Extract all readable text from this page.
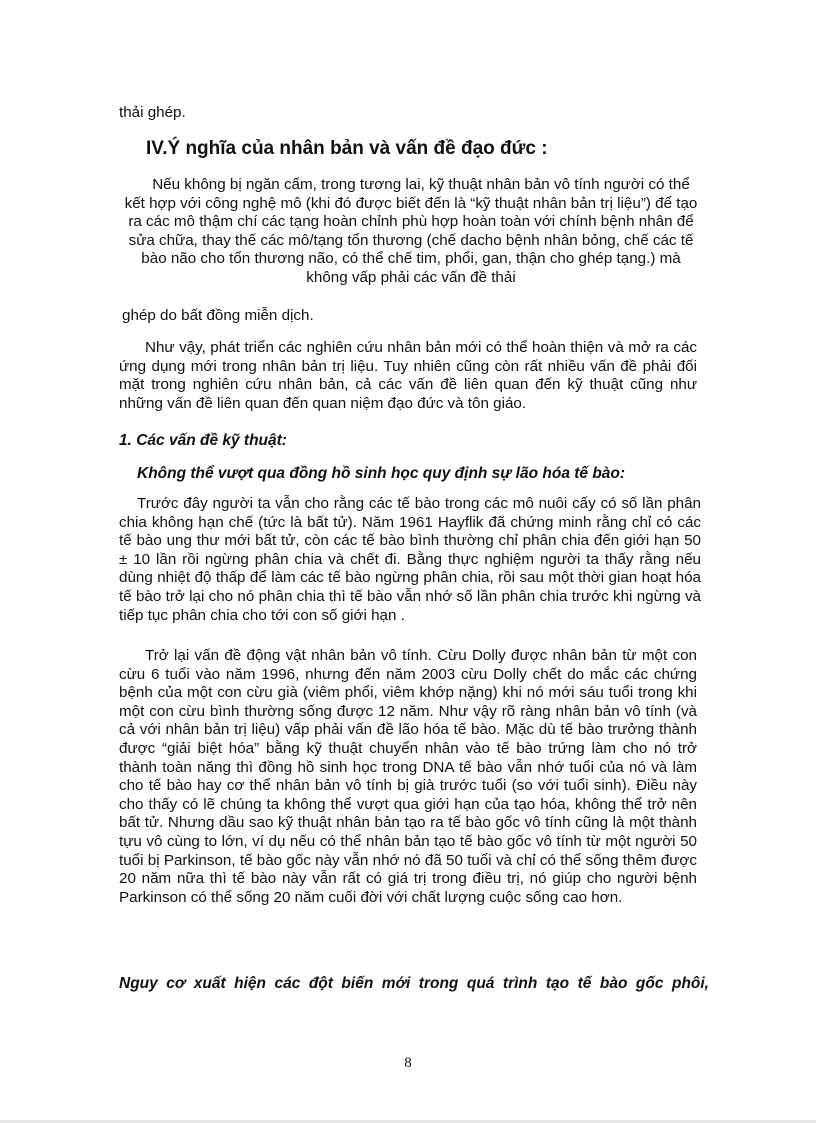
thải ghép.

IV.Ý nghĩa của nhân bản và vấn đề đạo đức :

Nếu không bị ngăn cấm, trong tương lai, kỹ thuật nhân bản vô tính người có thể kết hợp với công nghệ mô (khi đó được biết đến là “kỹ thuật nhân bản trị liệu”) để tạo ra các mô thậm chí các tạng hoàn chỉnh phù hợp hoàn toàn với chính bệnh nhân để sửa chữa, thay thế các mô/tạng tổn thương (chế dacho bệnh nhân bỏng, chế các tế bào não cho tổn thương não, có thể chế tim, phổi, gan, thận cho ghép tạng.) mà không vấp phải các vấn đề thải

ghép do bất đồng miễn dịch.

Như vậy, phát triển các nghiên cứu nhân bản mới có thể hoàn thiện và mở ra các ứng dụng mới trong nhân bản trị liệu. Tuy nhiên cũng còn rất nhiều vấn đề phải đối mặt trong nghiên cứu nhân bản, cả các vấn đề liên quan đến kỹ thuật cũng như những vấn đề liên quan đến quan niệm đạo đức và tôn giáo.

1. Các vấn đề kỹ thuật:

Không thể vượt qua đồng hồ sinh học quy định sự lão hóa tế bào:

Trước đây người ta vẫn cho rằng các tế bào trong các mô nuôi cấy có số lần phân chia không hạn chế (tức là bất tử). Năm 1961 Hayflik đã chứng minh rằng chỉ có các tế bào ung thư mới bất tử, còn các tế bào bình thường chỉ phân chia đến giới hạn 50 ± 10 lần rồi ngừng phân chia và chết đi. Bằng thực nghiệm người ta thấy rằng nếu dùng nhiệt độ thấp để làm các tế bào ngừng phân chia, rồi sau một thời gian hoạt hóa tế bào trở lại cho nó phân chia thì tế bào vẫn nhớ số lần phân chia trước khi ngừng và tiếp tục phân chia cho tới con số giới hạn .

Trở lại vấn đề động vật nhân bản vô tính. Cừu Dolly được nhân bản từ một con cừu 6 tuổi vào năm 1996, nhưng đến năm 2003 cừu Dolly chết do mắc các chứng bệnh của một con cừu già (viêm phổi, viêm khớp nặng) khi nó mới sáu tuổi trong khi một con cừu bình thường sống được 12 năm. Như vậy rõ ràng nhân bản vô tính (và cả với nhân bản trị liệu) vấp phải vấn đề lão hóa tế bào. Mặc dù tế bào trưởng thành được “giải biệt hóa” bằng kỹ thuật chuyển nhân vào tế bào trứng làm cho nó trở thành toàn năng thì đồng hồ sinh học trong DNA tế bào vẫn nhớ tuổi của nó và làm cho tế bào hay cơ thể nhân bản vô tính bị già trước tuổi (so với tuổi sinh). Điều này cho thấy có lẽ chúng ta không thể vượt qua giới hạn của tạo hóa, không thể trở nên bất tử. Nhưng dầu sao kỹ thuật nhân bản tạo ra tế bào gốc vô tính cũng là một thành tựu vô cùng to lớn, ví dụ nếu có thể nhân bản tạo tế bào gốc vô tính từ một người 50 tuổi bị Parkinson, tế bào gốc này vẫn nhớ nó đã 50 tuổi và chỉ có thể sống thêm được 20 năm nữa thì tế bào này vẫn rất có giá trị trong điều trị, nó giúp cho người bệnh Parkinson có thể sống 20 năm cuối đời với chất lượng cuộc sống cao hơn.

Nguy cơ xuất hiện các đột biến mới trong quá trình tạo tế bào gốc phôi,

8
